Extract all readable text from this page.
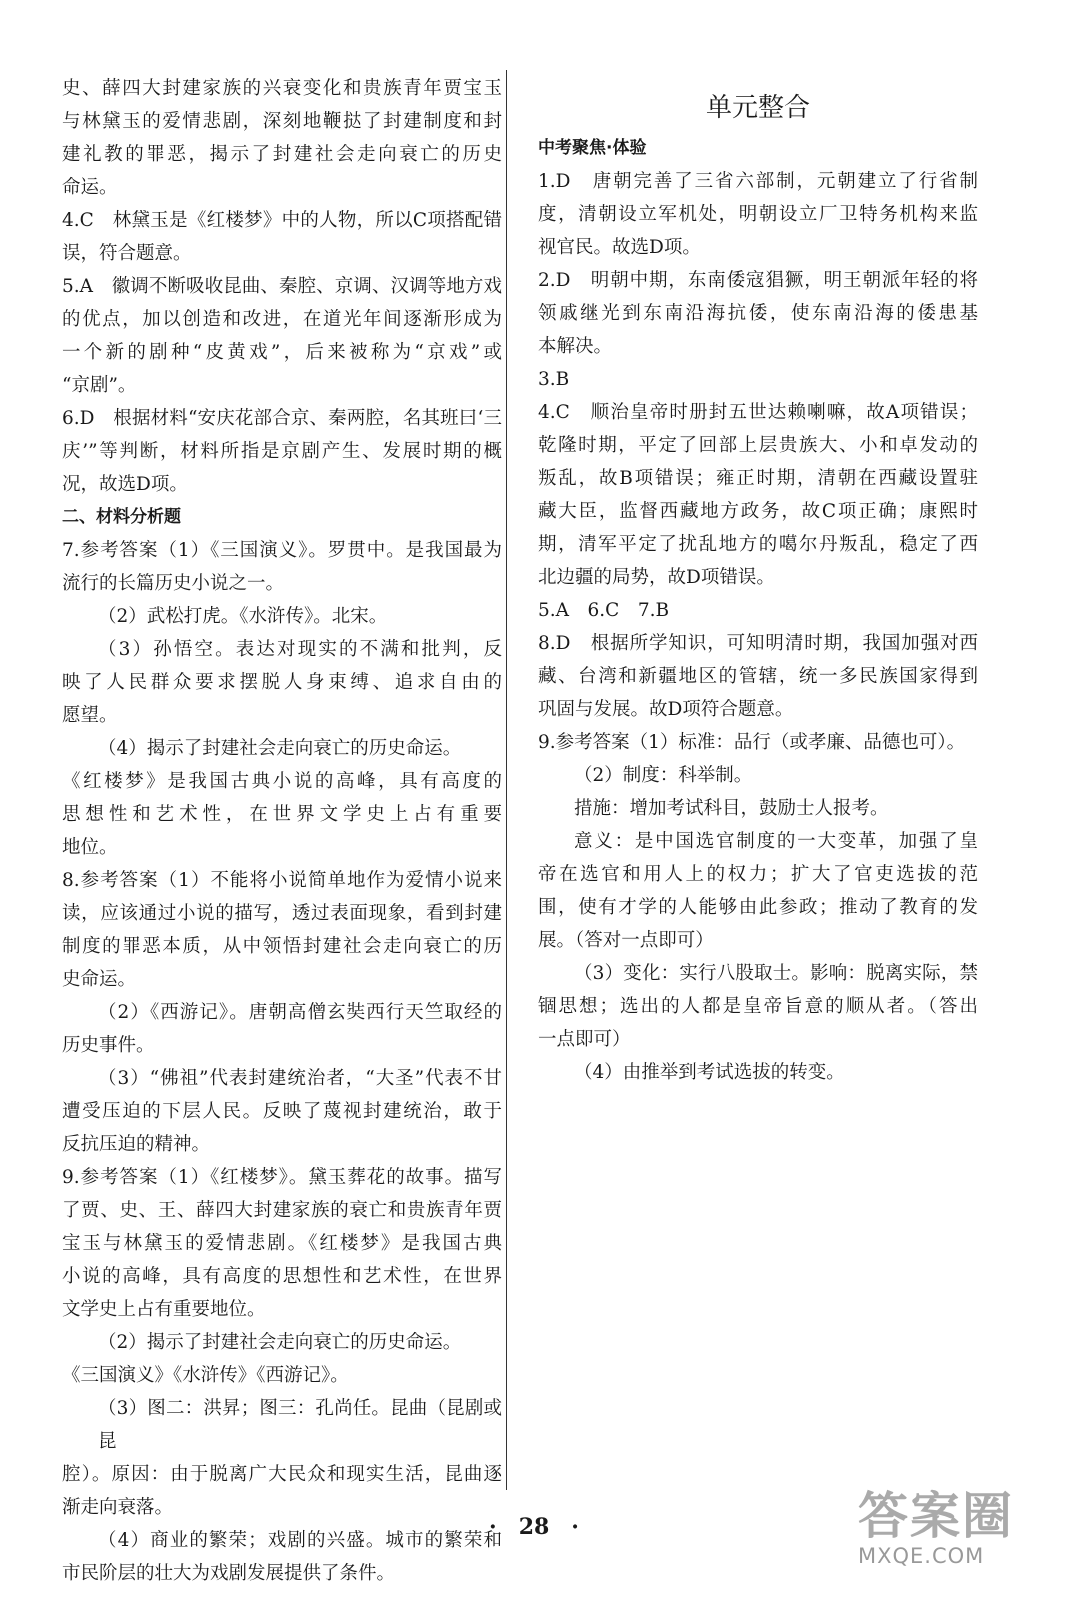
史、薛四大封建家族的兴衰变化和贵族青年贾宝玉
与林黛玉的爱情悲剧，深刻地鞭挞了封建制度和封
建礼教的罪恶，揭示了封建社会走向衰亡的历史
命运。
4.C　林黛玉是《红楼梦》中的人物，所以C项搭配错
误，符合题意。
5.A　徽调不断吸收昆曲、秦腔、京调、汉调等地方戏
的优点，加以创造和改进，在道光年间逐渐形成为
一个新的剧种“皮黄戏”，后来被称为“京戏”或
“京剧”。
6.D　根据材料“安庆花部合京、秦两腔，名其班曰‘三
庆’”等判断，材料所指是京剧产生、发展时期的概
况，故选D项。
二、材料分析题
7.参考答案（1）《三国演义》。罗贯中。是我国最为
流行的长篇历史小说之一。
（2）武松打虎。《水浒传》。北宋。
（3）孙悟空。表达对现实的不满和批判，反
映了人民群众要求摆脱人身束缚、追求自由的
愿望。
（4）揭示了封建社会走向衰亡的历史命运。
《红楼梦》是我国古典小说的高峰，具有高度的
思想性和艺术性，在世界文学史上占有重要
地位。
8.参考答案（1）不能将小说简单地作为爱情小说来
读，应该通过小说的描写，透过表面现象，看到封建
制度的罪恶本质，从中领悟封建社会走向衰亡的历
史命运。
（2）《西游记》。唐朝高僧玄奘西行天竺取经的
历史事件。
（3）“佛祖”代表封建统治者，“大圣”代表不甘
遭受压迫的下层人民。反映了蔑视封建统治，敢于
反抗压迫的精神。
9.参考答案（1）《红楼梦》。黛玉葬花的故事。描写
了贾、史、王、薛四大封建家族的衰亡和贵族青年贾
宝玉与林黛玉的爱情悲剧。《红楼梦》是我国古典
小说的高峰，具有高度的思想性和艺术性，在世界
文学史上占有重要地位。
（2）揭示了封建社会走向衰亡的历史命运。
《三国演义》《水浒传》《西游记》。
（3）图二：洪昇；图三：孔尚任。昆曲（昆剧或昆
腔）。原因：由于脱离广大民众和现实生活，昆曲逐
渐走向衰落。
（4）商业的繁荣；戏剧的兴盛。城市的繁荣和
市民阶层的壮大为戏剧发展提供了条件。
单元整合
中考聚焦·体验
1.D　唐朝完善了三省六部制，元朝建立了行省制
度，清朝设立军机处，明朝设立厂卫特务机构来监
视官民。故选D项。
2.D　明朝中期，东南倭寇猖獗，明王朝派年轻的将
领戚继光到东南沿海抗倭，使东南沿海的倭患基
本解决。
3.B
4.C　顺治皇帝时册封五世达赖喇嘛，故A项错误；
乾隆时期，平定了回部上层贵族大、小和卓发动的
叛乱，故B项错误；雍正时期，清朝在西藏设置驻
藏大臣，监督西藏地方政务，故C项正确；康熙时
期，清军平定了扰乱地方的噶尔丹叛乱，稳定了西
北边疆的局势，故D项错误。
5.A　6.C　7.B
8.D　根据所学知识，可知明清时期，我国加强对西
藏、台湾和新疆地区的管辖，统一多民族国家得到
巩固与发展。故D项符合题意。
9.参考答案（1）标准：品行（或孝廉、品德也可）。
（2）制度：科举制。
措施：增加考试科目，鼓励士人报考。
意义：是中国选官制度的一大变革，加强了皇
帝在选官和用人上的权力；扩大了官吏选拔的范
围，使有才学的人能够由此参政；推动了教育的发
展。（答对一点即可）
（3）变化：实行八股取士。影响：脱离实际，禁
锢思想；选出的人都是皇帝旨意的顺从者。（答出
一点即可）
（4）由推举到考试选拔的转变。
·　28　·	答案圈
MXQE.COM
